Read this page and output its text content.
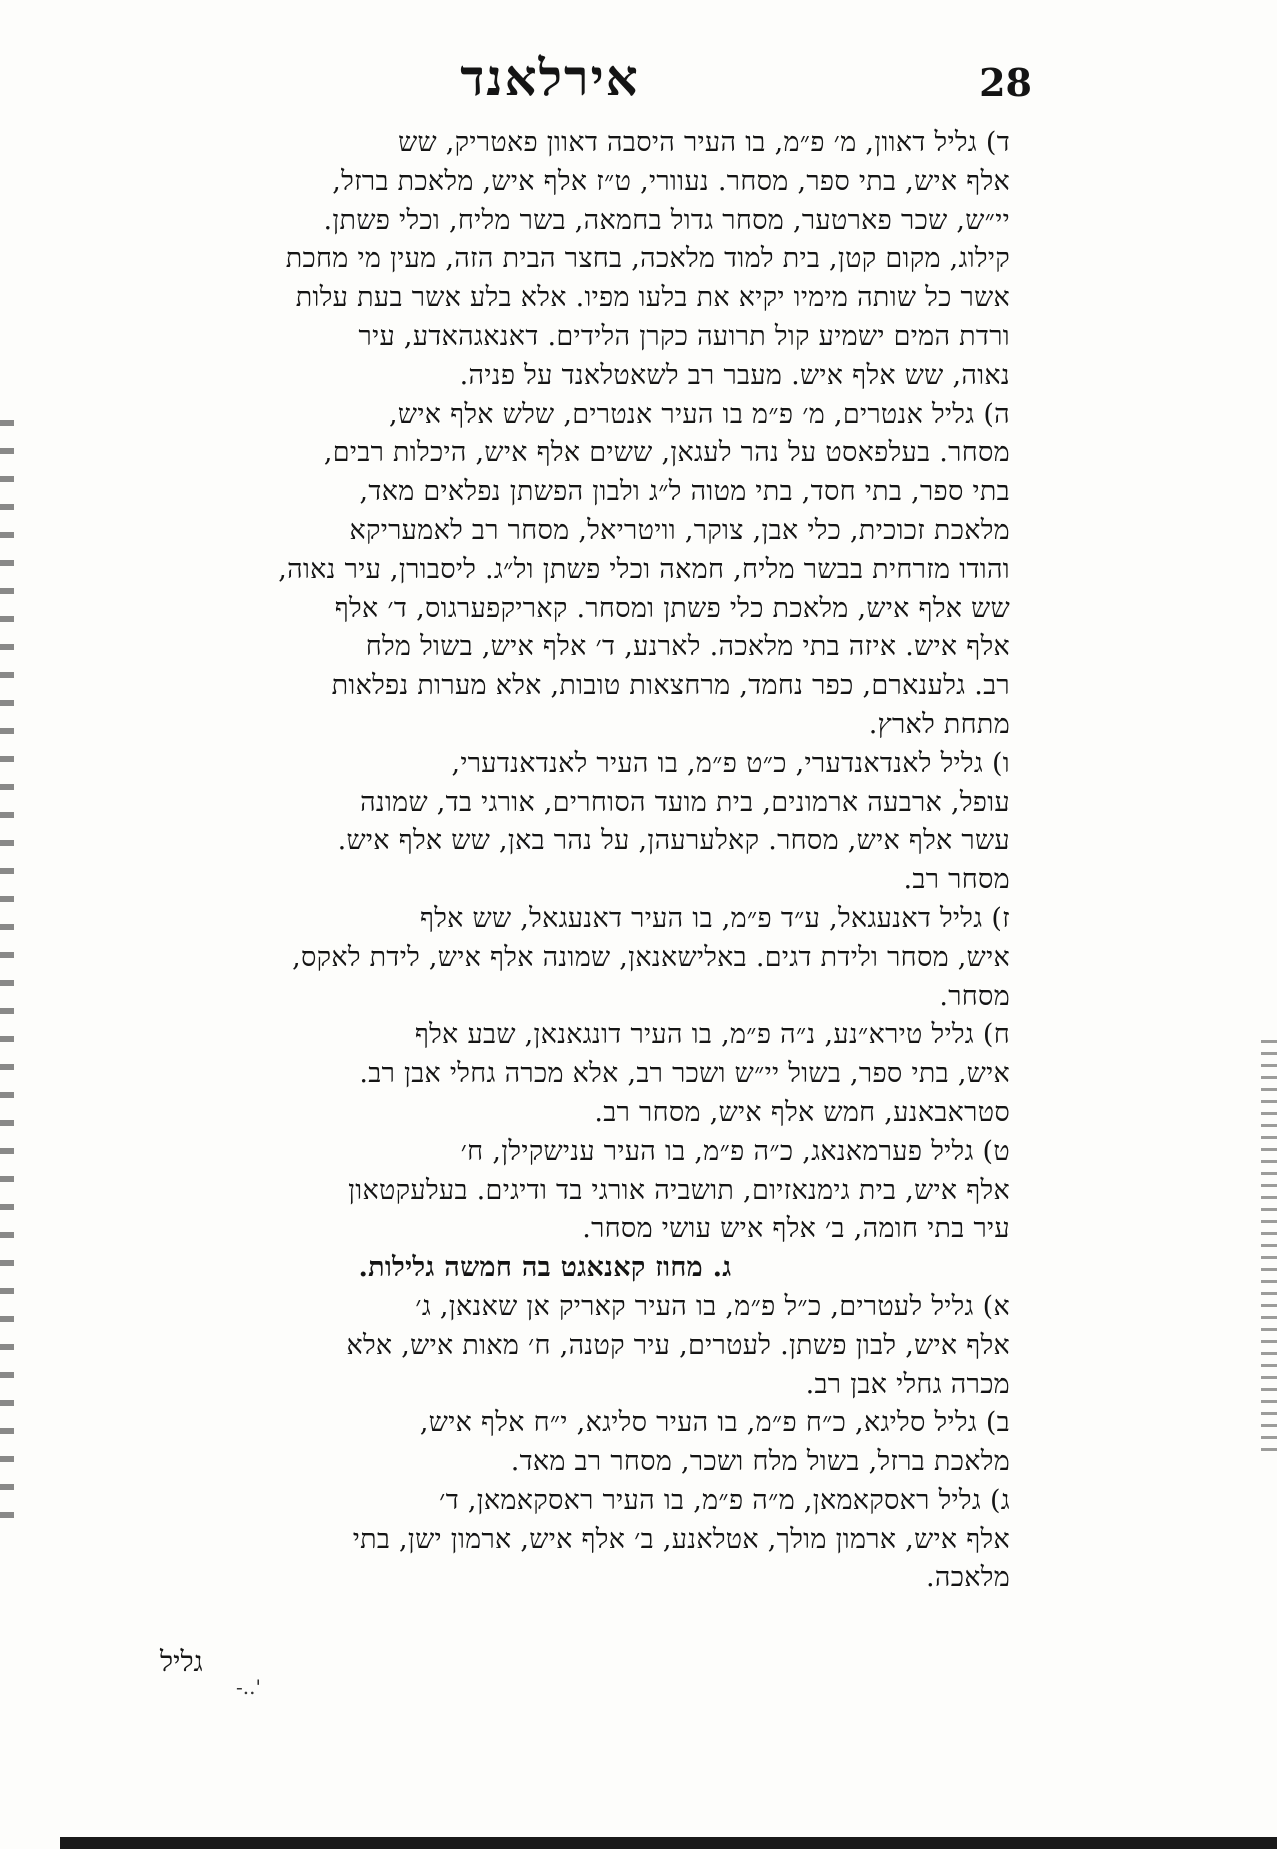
אירלאנד	28
ד) גליל דאוון, מ׳ פ״מ, בו העיר היסבה דאוון פאטריק, שש
אלף איש, בתי ספר, מסחר. נעוורי, ט״ז אלף איש, מלאכת ברזל,
יי״ש, שכר פארטער, מסחר גדול בחמאה, בשר מליח, וכלי פשתן.
קילוג, מקום קטן, בית למוד מלאכה, בחצר הבית הזה, מעין מי מחכת
אשר כל שותה מימיו יקיא את בלעו מפיו. אלא בלע אשר בעת עלות
ורדת המים ישמיע קול תרועה כקרן הלידים. דאנאגהאדע, עיר
נאוה, שש אלף איש. מעבר רב לשאטלאנד על פניה.
ה) גליל אנטרים, מ׳ פ״מ בו העיר אנטרים, שלש אלף איש,
מסחר. בעלפאסט על נהר לעגאן, ששים אלף איש, היכלות רבים,
בתי ספר, בתי חסד, בתי מטוה ל״ג ולבון הפשתן נפלאים מאד,
מלאכת זכוכית, כלי אבן, צוקר, וויטריאל, מסחר רב לאמעריקא
והודו מזרחית בבשר מליח, חמאה וכלי פשתן ול״ג. ליסבורן, עיר נאוה,
שש אלף איש, מלאכת כלי פשתן ומסחר. קאריקפערגוס, ד׳ אלף
אלף איש. איזה בתי מלאכה. לארנע, ד׳ אלף איש, בשול מלח
רב. גלענארם, כפר נחמד, מרחצאות טובות, אלא מערות נפלאות
מתחת לארץ.
ו) גליל לאנדאנדערי, כ״ט פ״מ, בו העיר לאנדאנדערי,
עופל, ארבעה ארמונים, בית מועד הסוחרים, אורגי בד, שמונה
עשר אלף איש, מסחר. קאלערעהן, על נהר באן, שש אלף איש.
מסחר רב.
ז) גליל דאנעגאל, ע״ד פ״מ, בו העיר דאנעגאל, שש אלף
איש, מסחר ולידת דגים. באלישאנאן, שמונה אלף איש, לידת לאקס,
מסחר.
ח) גליל טירא״נע, נ״ה פ״מ, בו העיר דונגאנאן, שבע אלף
איש, בתי ספר, בשול יי״ש ושכר רב, אלא מכרה גחלי אבן רב.
סטראבאנע, חמש אלף איש, מסחר רב.
ט) גליל פערמאנאג, כ״ה פ״מ, בו העיר ענישקילן, ח׳
אלף איש, בית גימנאזיום, תושביה אורגי בד ודיגים. בעלעקטאון
עיר בתי חומה, ב׳ אלף איש עושי מסחר.
ג. מחוז קאנאגט בה חמשה גלילות.
א) גליל לעטרים, כ״ל פ״מ, בו העיר קאריק אן שאנאן, ג׳
אלף איש, לבון פשתן. לעטרים, עיר קטנה, ח׳ מאות איש, אלא
מכרה גחלי אבן רב.
ב) גליל סליגא, כ״ח פ״מ, בו העיר סליגא, י״ח אלף איש,
מלאכת ברזל, בשול מלח ושכר, מסחר רב מאד.
ג) גליל ראסקאמאן, מ״ה פ״מ, בו העיר ראסקאמאן, ד׳
אלף איש, ארמון מולך, אטלאנע, ב׳ אלף איש, ארמון ישן, בתי
מלאכה.
גליל
-..'
